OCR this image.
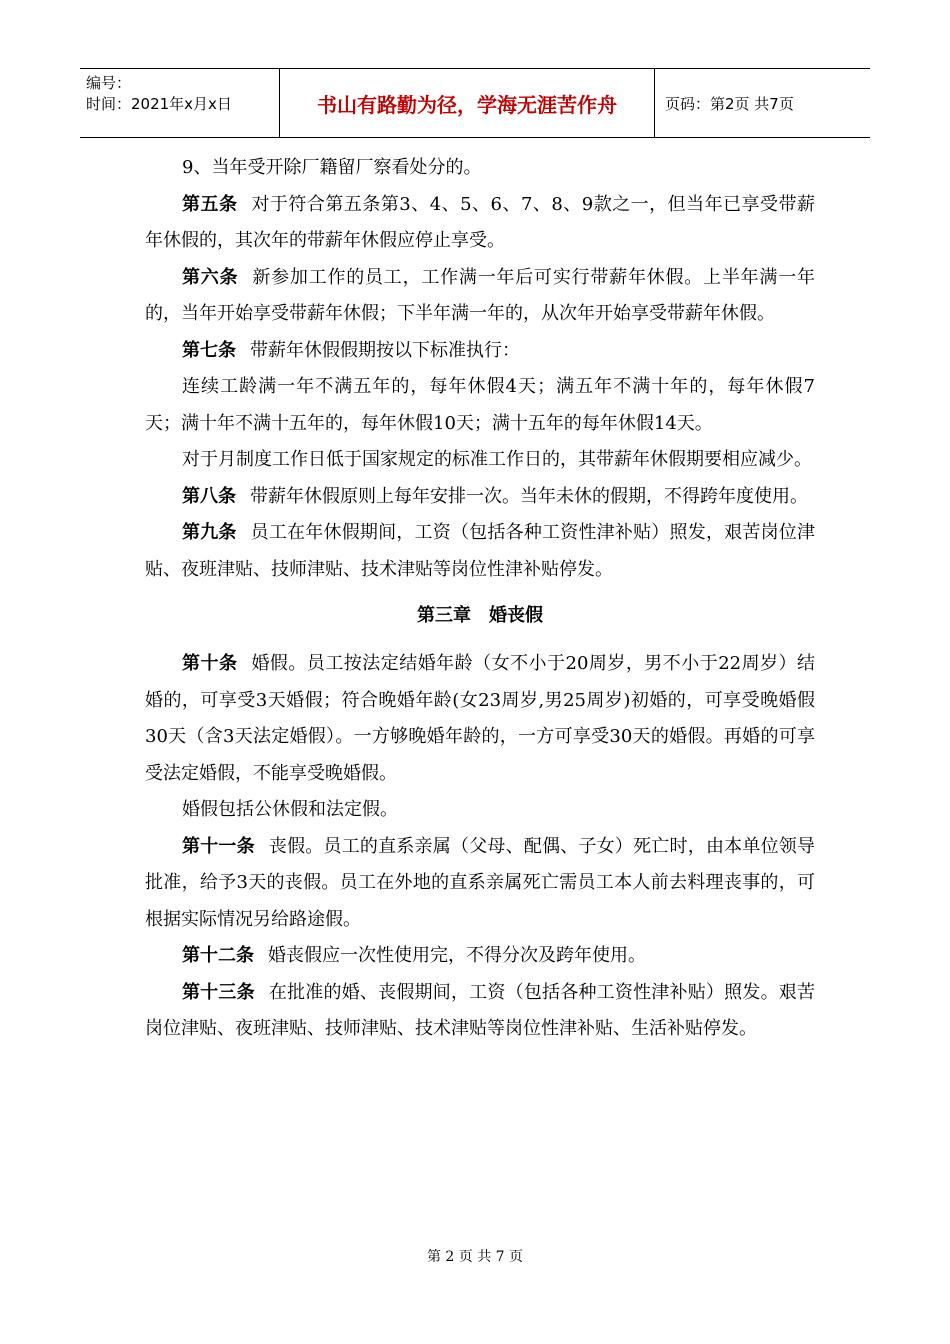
编号：
时间：2021年x月x日	书山有路勤为径，学海无涯苦作舟	页码：第2页 共7页

9、当年受开除厂籍留厂察看处分的。

第五条 对于符合第五条第3、4、5、6、7、8、9款之一，但当年已享受带薪年休假的，其次年的带薪年休假应停止享受。

第六条 新参加工作的员工，工作满一年后可实行带薪年休假。上半年满一年的，当年开始享受带薪年休假；下半年满一年的，从次年开始享受带薪年休假。

第七条 带薪年休假假期按以下标准执行：

连续工龄满一年不满五年的，每年休假4天；满五年不满十年的，每年休假7天；满十年不满十五年的，每年休假10天；满十五年的每年休假14天。

对于月制度工作日低于国家规定的标准工作日的，其带薪年休假期要相应减少。

第八条 带薪年休假原则上每年安排一次。当年未休的假期，不得跨年度使用。

第九条 员工在年休假期间，工资（包括各种工资性津补贴）照发，艰苦岗位津贴、夜班津贴、技师津贴、技术津贴等岗位性津补贴停发。

第三章　婚丧假

第十条 婚假。员工按法定结婚年龄（女不小于20周岁，男不小于22周岁）结婚的，可享受3天婚假；符合晚婚年龄(女23周岁,男25周岁)初婚的，可享受晚婚假30天（含3天法定婚假）。一方够晚婚年龄的，一方可享受30天的婚假。再婚的可享受法定婚假，不能享受晚婚假。

婚假包括公休假和法定假。

第十一条 丧假。员工的直系亲属（父母、配偶、子女）死亡时，由本单位领导批准，给予3天的丧假。员工在外地的直系亲属死亡需员工本人前去料理丧事的，可根据实际情况另给路途假。

第十二条 婚丧假应一次性使用完，不得分次及跨年使用。

第十三条 在批准的婚、丧假期间，工资（包括各种工资性津补贴）照发。艰苦岗位津贴、夜班津贴、技师津贴、技术津贴等岗位性津补贴、生活补贴停发。

第 2 页 共 7 页
